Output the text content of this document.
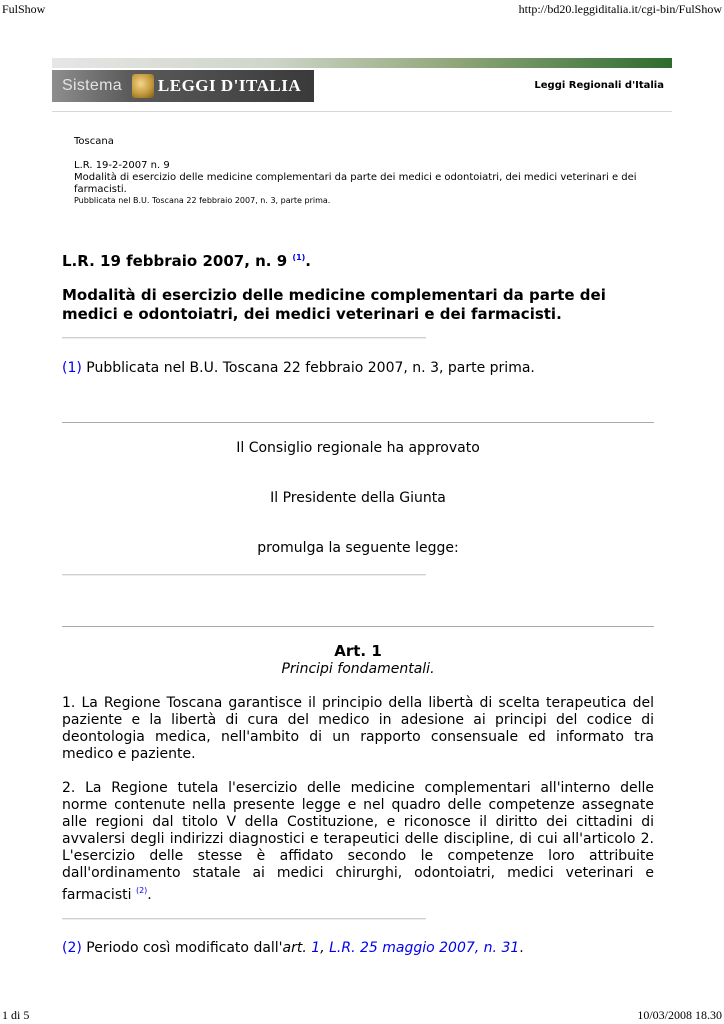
FulShow	http://bd20.leggiditalia.it/cgi-bin/FulShow
Sistema LEGGI D'ITALIA	Leggi Regionali d'Italia
Toscana
L.R. 19-2-2007 n. 9
Modalità di esercizio delle medicine complementari da parte dei medici e odontoiatri, dei medici veterinari e dei farmacisti.
Pubblicata nel B.U. Toscana 22 febbraio 2007, n. 3, parte prima.
L.R. 19 febbraio 2007, n. 9 $^{(1)}$.
Modalità di esercizio delle medicine complementari da parte dei medici e odontoiatri, dei medici veterinari e dei farmacisti.
(1) Pubblicata nel B.U. Toscana 22 febbraio 2007, n. 3, parte prima.
Il Consiglio regionale ha approvato
Il Presidente della Giunta
promulga la seguente legge:
Art. 1
Principi fondamentali.
1. La Regione Toscana garantisce il principio della libertà di scelta terapeutica del paziente e la libertà di cura del medico in adesione ai principi del codice di deontologia medica, nell'ambito di un rapporto consensuale ed informato tra medico e paziente.
2. La Regione tutela l'esercizio delle medicine complementari all'interno delle norme contenute nella presente legge e nel quadro delle competenze assegnate alle regioni dal titolo V della Costituzione, e riconosce il diritto dei cittadini di avvalersi degli indirizzi diagnostici e terapeutici delle discipline, di cui all'articolo 2. L'esercizio delle stesse è affidato secondo le competenze loro attribuite dall'ordinamento statale ai medici chirurghi, odontoiatri, medici veterinari e farmacisti $^{(2)}$.
(2) Periodo così modificato dall'art. 1, L.R. 25 maggio 2007, n. 31.
1 di 5	10/03/2008 18.30
